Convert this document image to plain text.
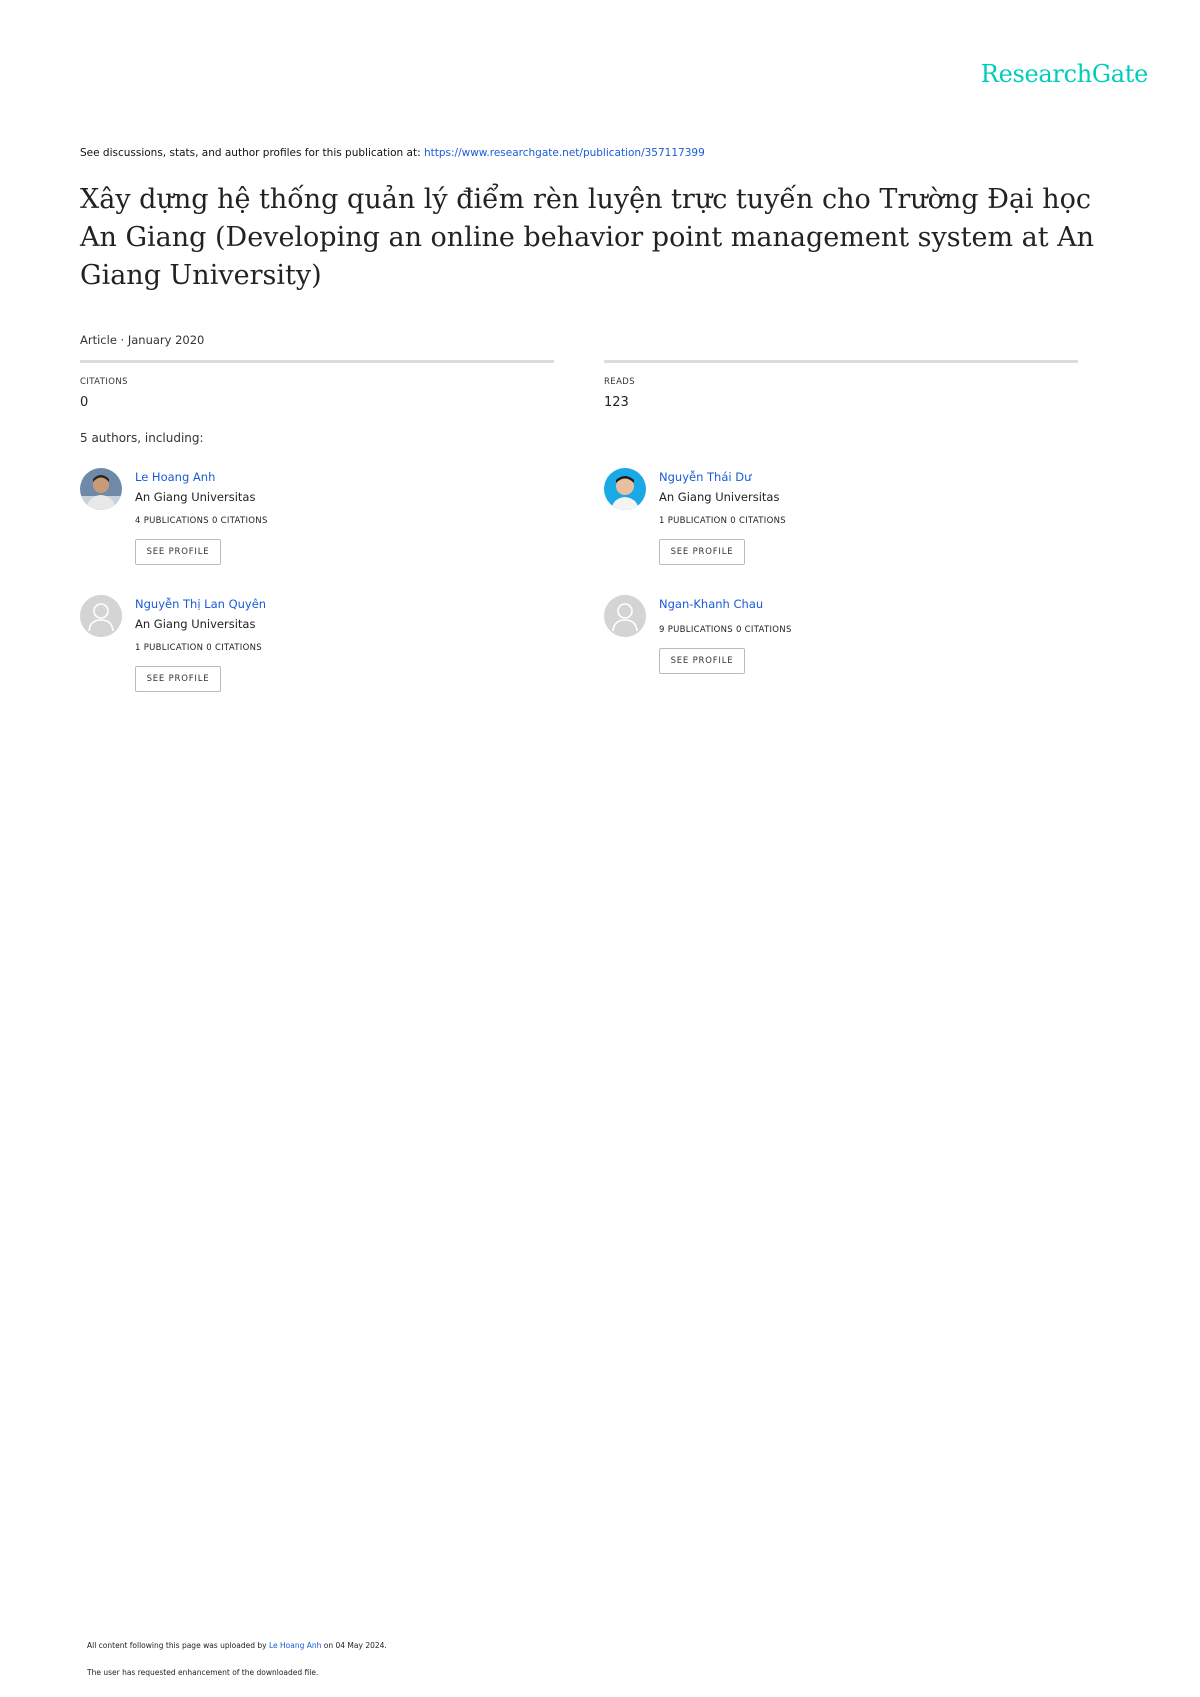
ResearchGate
See discussions, stats, and author profiles for this publication at: https://www.researchgate.net/publication/357117399
Xây dựng hệ thống quản lý điểm rèn luyện trực tuyến cho Trường Đại học An Giang (Developing an online behavior point management system at An Giang University)
Article · January 2020
CITATIONS
0
READS
123
5 authors, including:
Le Hoang Anh
An Giang Universitas
4 PUBLICATIONS 0 CITATIONS
SEE PROFILE
Nguyễn Thái Dư
An Giang Universitas
1 PUBLICATION 0 CITATIONS
SEE PROFILE
Nguyễn Thị Lan Quyên
An Giang Universitas
1 PUBLICATION 0 CITATIONS
SEE PROFILE
Ngan-Khanh Chau
9 PUBLICATIONS 0 CITATIONS
SEE PROFILE
All content following this page was uploaded by Le Hoang Anh on 04 May 2024.
The user has requested enhancement of the downloaded file.
